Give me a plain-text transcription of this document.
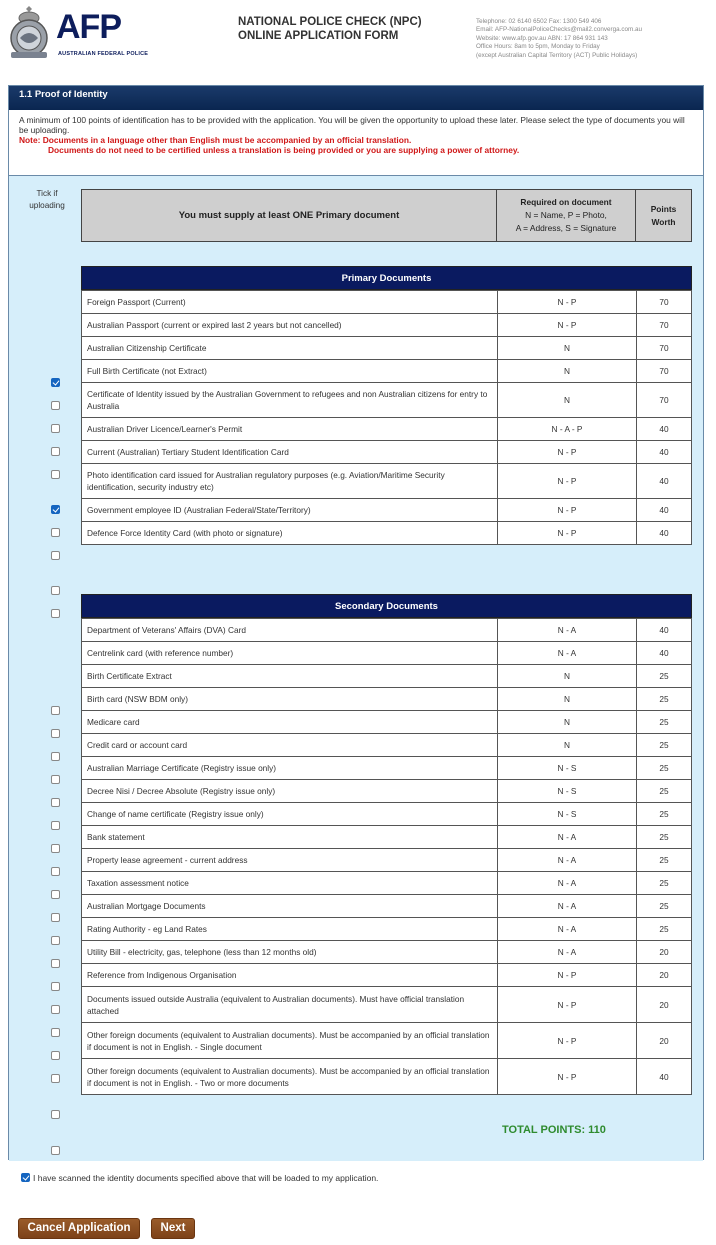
AFP
AUSTRALIAN FEDERAL POLICE
NATIONAL POLICE CHECK (NPC)
ONLINE APPLICATION FORM
Telephone: 02 6140 6502 Fax: 1300 549 406
Email: AFP-NationalPoliceChecks@mail2.converga.com.au
Website: www.afp.gov.au ABN: 17 864 931 143
Office Hours: 8am to 5pm, Monday to Friday
(except Australian Capital Territory (ACT) Public Holidays)
1.1 Proof of Identity
A minimum of 100 points of identification has to be provided with the application. You will be given the opportunity to upload these later. Please select the type of documents you will be uploading.
Note: Documents in a language other than English must be accompanied by an official translation.
Documents do not need to be certified unless a translation is being provided or you are supplying a power of attorney.
Tick if
uploading
You must supply at least ONE Primary document
Required on document
N = Name, P = Photo,
A = Address, S = Signature
Points
Worth
Primary Documents
Foreign Passport (Current)	N - P	70
Australian Passport (current or expired last 2 years but not cancelled)	N - P	70
Australian Citizenship Certificate	N	70
Full Birth Certificate (not Extract)	N	70
Certificate of Identity issued by the Australian Government to refugees and non Australian citizens for entry to Australia	N	70
Australian Driver Licence/Learner's Permit	N - A - P	40
Current (Australian) Tertiary Student Identification Card	N - P	40
Photo identification card issued for Australian regulatory purposes (e.g. Aviation/Maritime Security identification, security industry etc)	N - P	40
Government employee ID (Australian Federal/State/Territory)	N - P	40
Defence Force Identity Card (with photo or signature)	N - P	40
Secondary Documents
Department of Veterans' Affairs (DVA) Card	N - A	40
Centrelink card (with reference number)	N - A	40
Birth Certificate Extract	N	25
Birth card (NSW BDM only)	N	25
Medicare card	N	25
Credit card or account card	N	25
Australian Marriage Certificate (Registry issue only)	N - S	25
Decree Nisi / Decree Absolute (Registry issue only)	N - S	25
Change of name certificate (Registry issue only)	N - S	25
Bank statement	N - A	25
Property lease agreement - current address	N - A	25
Taxation assessment notice	N - A	25
Australian Mortgage Documents	N - A	25
Rating Authority - eg Land Rates	N - A	25
Utility Bill - electricity, gas, telephone (less than 12 months old)	N - A	20
Reference from Indigenous Organisation	N - P	20
Documents issued outside Australia (equivalent to Australian documents). Must have official translation attached	N - P	20
Other foreign documents (equivalent to Australian documents). Must be accompanied by an official translation if document is not in English. - Single document	N - P	20
Other foreign documents (equivalent to Australian documents). Must be accompanied by an official translation if document is not in English. - Two or more documents	N - P	40
TOTAL POINTS: 110
I have scanned the identity documents specified above that will be loaded to my application.
Cancel Application	Next
